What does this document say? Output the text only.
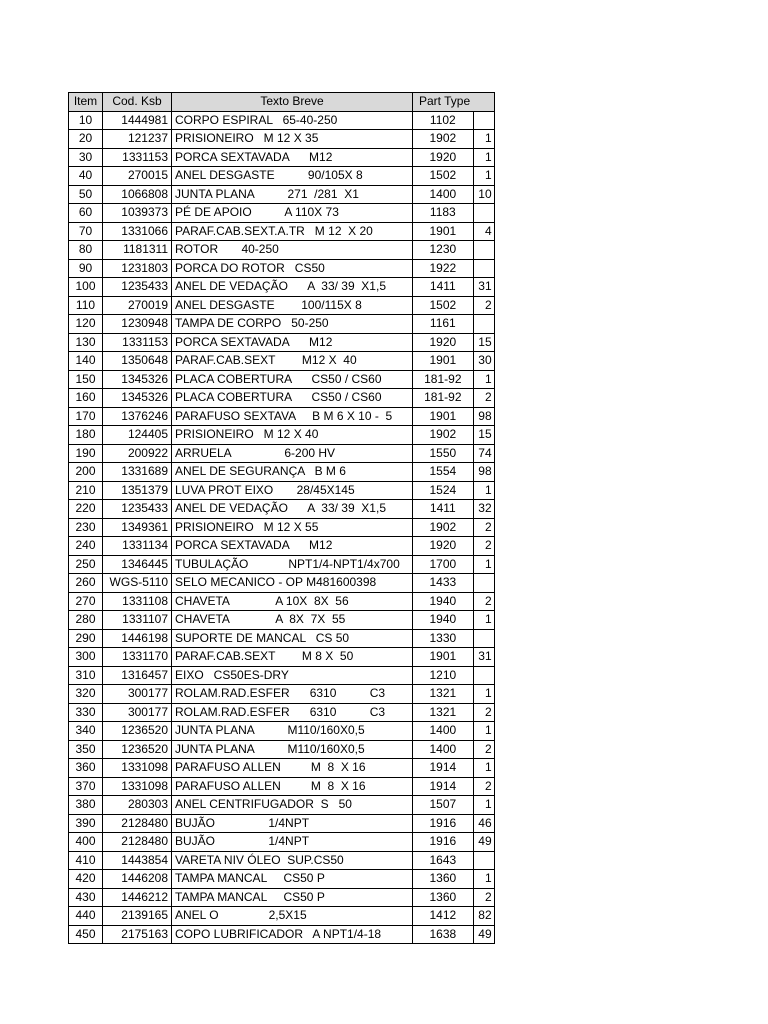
Item	Cod. Ksb	Texto Breve	Part Type	
10	1444981	CORPO ESPIRAL   65-40-250	1102	
20	121237	PRISIONEIRO   M 12 X 35	1902	1
30	1331153	PORCA SEXTAVADA      M12	1920	1
40	270015	ANEL DESGASTE          90/105X 8	1502	1
50	1066808	JUNTA PLANA          271  /281  X1	1400	10
60	1039373	PÉ DE APOIO          A 110X 73	1183	
70	1331066	PARAF.CAB.SEXT.A.TR   M 12  X 20	1901	4
80	1181311	ROTOR       40-250	1230	
90	1231803	PORCA DO ROTOR   CS50	1922	
100	1235433	ANEL DE VEDAÇÃO      A  33/ 39  X1,5	1411	31
110	270019	ANEL DESGASTE        100/115X 8	1502	2
120	1230948	TAMPA DE CORPO   50-250	1161	
130	1331153	PORCA SEXTAVADA      M12	1920	15
140	1350648	PARAF.CAB.SEXT        M12 X  40	1901	30
150	1345326	PLACA COBERTURA      CS50 / CS60	181-92	1
160	1345326	PLACA COBERTURA      CS50 / CS60	181-92	2
170	1376246	PARAFUSO SEXTAVA     B M 6 X 10 -  5	1901	98
180	124405	PRISIONEIRO   M 12 X 40	1902	15
190	200922	ARRUELA                6-200 HV	1550	74
200	1331689	ANEL DE SEGURANÇA   B M 6	1554	98
210	1351379	LUVA PROT EIXO       28/45X145	1524	1
220	1235433	ANEL DE VEDAÇÃO      A  33/ 39  X1,5	1411	32
230	1349361	PRISIONEIRO   M 12 X 55	1902	2
240	1331134	PORCA SEXTAVADA      M12	1920	2
250	1346445	TUBULAÇÃO            NPT1/4-NPT1/4x700	1700	1
260	WGS-5110	SELO MECANICO - OP M481600398	1433	
270	1331108	CHAVETA              A 10X  8X  56	1940	2
280	1331107	CHAVETA              A  8X  7X  55	1940	1
290	1446198	SUPORTE DE MANCAL   CS 50	1330	
300	1331170	PARAF.CAB.SEXT        M 8 X  50	1901	31
310	1316457	EIXO   CS50ES-DRY	1210	
320	300177	ROLAM.RAD.ESFER      6310          C3	1321	1
330	300177	ROLAM.RAD.ESFER      6310          C3	1321	2
340	1236520	JUNTA PLANA          M110/160X0,5	1400	1
350	1236520	JUNTA PLANA          M110/160X0,5	1400	2
360	1331098	PARAFUSO ALLEN         M  8  X 16	1914	1
370	1331098	PARAFUSO ALLEN         M  8  X 16	1914	2
380	280303	ANEL CENTRIFUGADOR  S   50	1507	1
390	2128480	BUJÃO                1/4NPT	1916	46
400	2128480	BUJÃO                1/4NPT	1916	49
410	1443854	VARETA NIV ÓLEO  SUP.CS50	1643	
420	1446208	TAMPA MANCAL     CS50 P	1360	1
430	1446212	TAMPA MANCAL     CS50 P	1360	2
440	2139165	ANEL O               2,5X15	1412	82
450	2175163	COPO LUBRIFICADOR   A NPT1/4-18	1638	49
